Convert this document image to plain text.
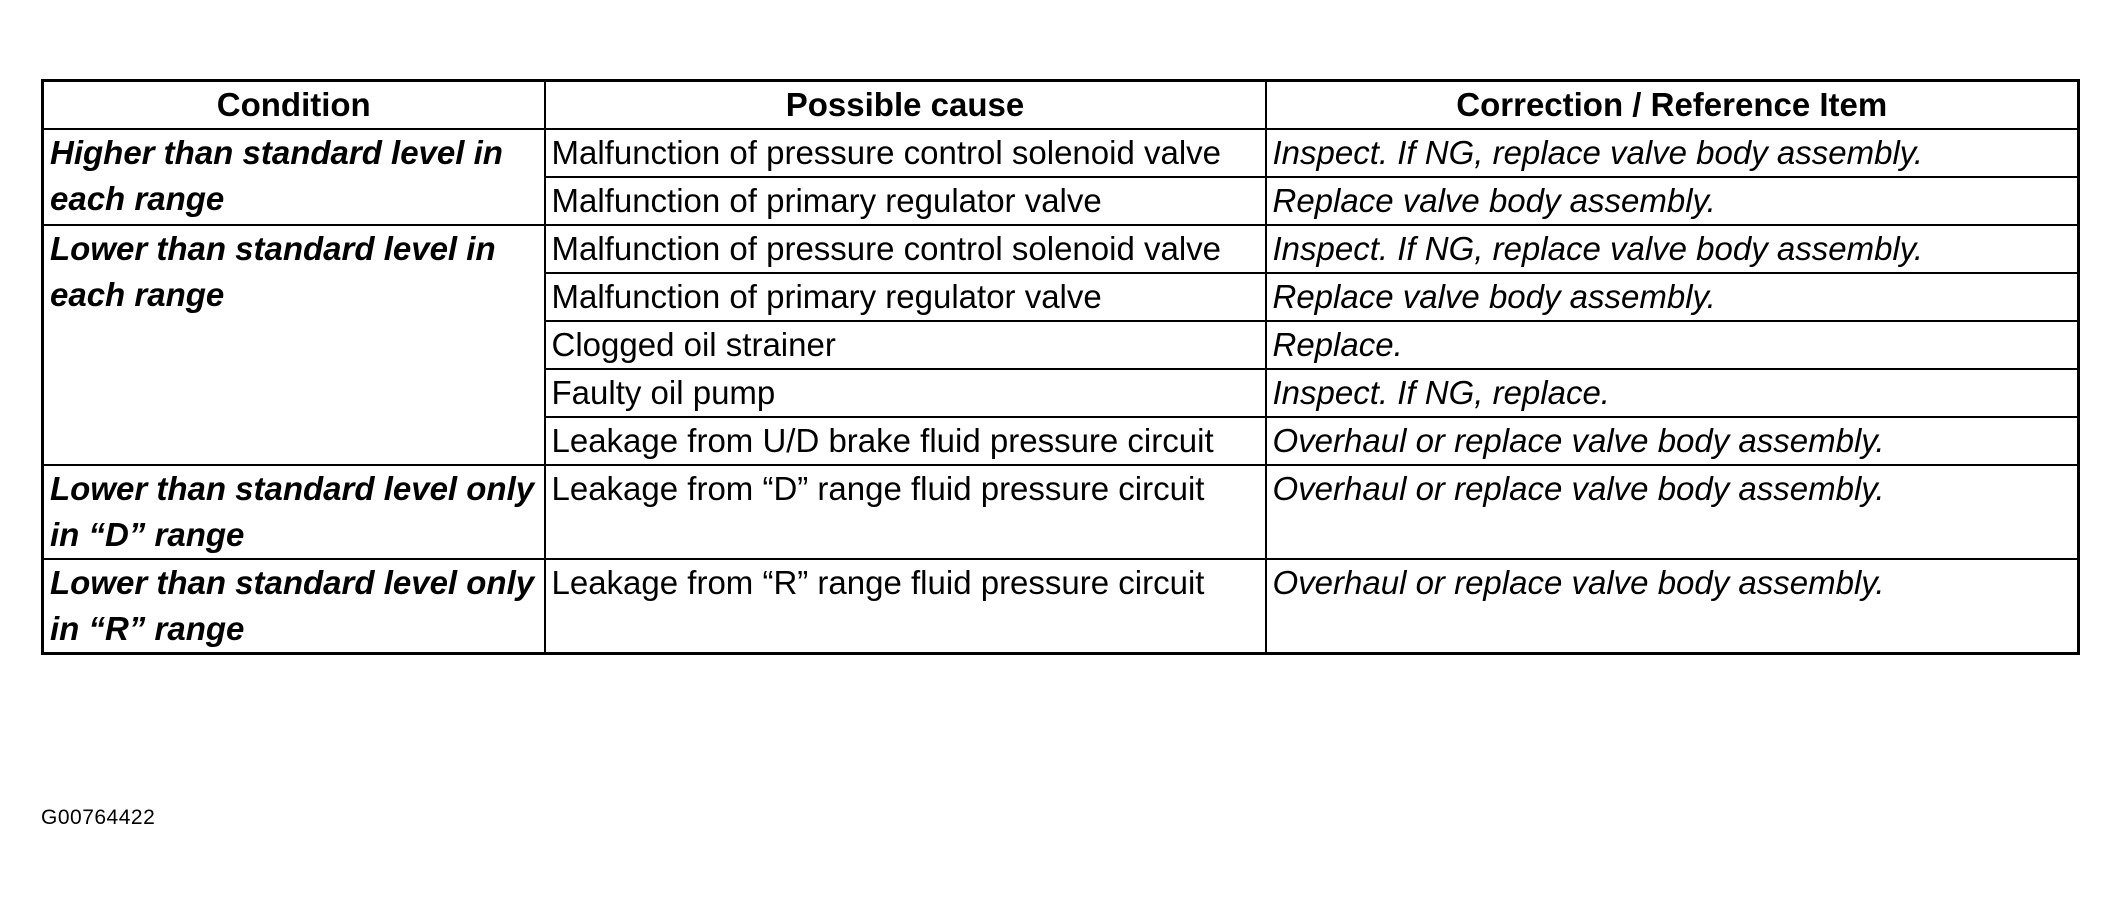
Condition	Possible cause	Correction / Reference Item
Higher than standard level in each range	Malfunction of pressure control solenoid valve	Inspect. If NG, replace valve body assembly.
	Malfunction of primary regulator valve	Replace valve body assembly.
Lower than standard level in each range	Malfunction of pressure control solenoid valve	Inspect. If NG, replace valve body assembly.
	Malfunction of primary regulator valve	Replace valve body assembly.
	Clogged oil strainer	Replace.
	Faulty oil pump	Inspect. If NG, replace.
	Leakage from U/D brake fluid pressure circuit	Overhaul or replace valve body assembly.
Lower than standard level only in “D” range	Leakage from “D” range fluid pressure circuit	Overhaul or replace valve body assembly.
Lower than standard level only in “R” range	Leakage from “R” range fluid pressure circuit	Overhaul or replace valve body assembly.
G00764422
